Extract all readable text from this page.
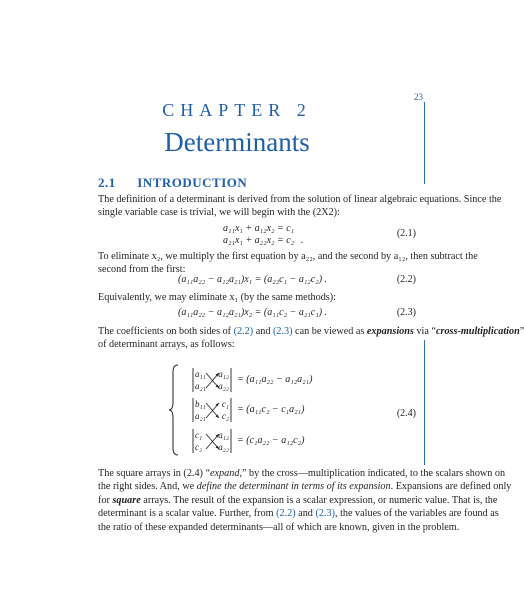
23
CHAPTER 2
Determinants
2.1 INTRODUCTION
The definition of a determinant is derived from the solution of linear algebraic equations. Since the
single variable case is trivial, we will begin with the (2X2):
a₁₁x₁ + a₁₂x₂ = c₁
a₂₁x₁ + a₂₂x₂ = c₂ .
(2.1)
To eliminate x₂, we multiply the first equation by a₂₂, and the second by a₁₂, then subtract the
second from the first:
(a₁₁a₂₂ − a₁₂a₂₁)x₁ = (a₂₂c₁ − a₁₂c₂) .	(2.2)
Equivalently, we may eliminate x₁ (by the same methods):
(a₁₁a₂₂ − a₁₂a₂₁)x₂ = (a₁₁c₂ − a₂₁c₁) .	(2.3)
The coefficients on both sides of (2.2) and (2.3) can be viewed as expansions via “cross-multiplication”
of determinant arrays, as follows:
a₁₁ a₁₂
a₂₁ a₂₂
= (a₁₁a₂₂ − a₁₂a₂₁)
b₁₁ c₁
a₂₁ c₂
= (a₁₁c₂ − c₁a₂₁)
c₁ a₁₂
c₂ a₂₂
= (c₁a₂₂ − a₁₂c₂)
(2.4)
The square arrays in (2.4) “expand,” by the cross—multiplication indicated, to the scalars shown on
the right sides. And, we define the determinant in terms of its expansion. Expansions are defined only
for square arrays. The result of the expansion is a scalar expression, or numeric value. That is, the
determinant is a scalar value. Further, from (2.2) and (2.3), the values of the variables are found as
the ratio of these expanded determinants—all of which are known, given in the problem.
